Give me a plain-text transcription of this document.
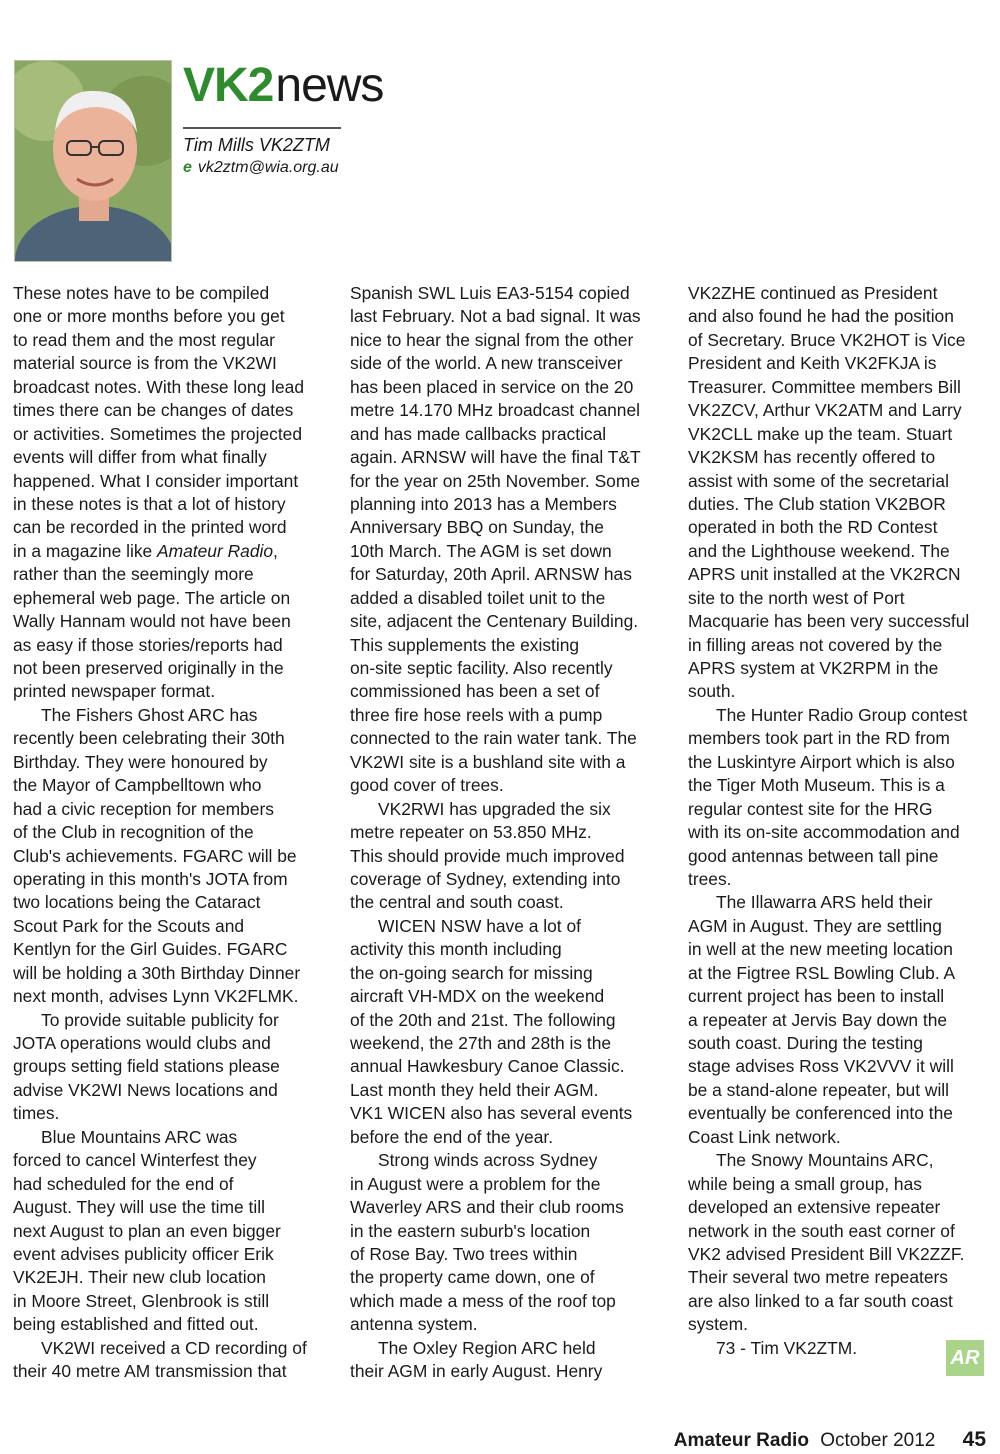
VK2news
Tim Mills VK2ZTM
e vk2ztm@wia.org.au
These notes have to be compiled
one or more months before you get
to read them and the most regular
material source is from the VK2WI
broadcast notes. With these long lead
times there can be changes of dates
or activities. Sometimes the projected
events will differ from what finally
happened. What I consider important
in these notes is that a lot of history
can be recorded in the printed word
in a magazine like Amateur Radio,
rather than the seemingly more
ephemeral web page. The article on
Wally Hannam would not have been
as easy if those stories/reports had
not been preserved originally in the
printed newspaper format.
The Fishers Ghost ARC has
recently been celebrating their 30th
Birthday. They were honoured by
the Mayor of Campbelltown who
had a civic reception for members
of the Club in recognition of the
Club's achievements. FGARC will be
operating in this month's JOTA from
two locations being the Cataract
Scout Park for the Scouts and
Kentlyn for the Girl Guides. FGARC
will be holding a 30th Birthday Dinner
next month, advises Lynn VK2FLMK.
To provide suitable publicity for
JOTA operations would clubs and
groups setting field stations please
advise VK2WI News locations and
times.
Blue Mountains ARC was
forced to cancel Winterfest they
had scheduled for the end of
August. They will use the time till
next August to plan an even bigger
event advises publicity officer Erik
VK2EJH. Their new club location
in Moore Street, Glenbrook is still
being established and fitted out.
VK2WI received a CD recording of
their 40 metre AM transmission that
Spanish SWL Luis EA3-5154 copied
last February. Not a bad signal. It was
nice to hear the signal from the other
side of the world. A new transceiver
has been placed in service on the 20
metre 14.170 MHz broadcast channel
and has made callbacks practical
again. ARNSW will have the final T&T
for the year on 25th November. Some
planning into 2013 has a Members
Anniversary BBQ on Sunday, the
10th March. The AGM is set down
for Saturday, 20th April. ARNSW has
added a disabled toilet unit to the
site, adjacent the Centenary Building.
This supplements the existing
on-site septic facility. Also recently
commissioned has been a set of
three fire hose reels with a pump
connected to the rain water tank. The
VK2WI site is a bushland site with a
good cover of trees.
VK2RWI has upgraded the six
metre repeater on 53.850 MHz.
This should provide much improved
coverage of Sydney, extending into
the central and south coast.
WICEN NSW have a lot of
activity this month including
the on-going search for missing
aircraft VH-MDX on the weekend
of the 20th and 21st. The following
weekend, the 27th and 28th is the
annual Hawkesbury Canoe Classic.
Last month they held their AGM.
VK1 WICEN also has several events
before the end of the year.
Strong winds across Sydney
in August were a problem for the
Waverley ARS and their club rooms
in the eastern suburb's location
of Rose Bay. Two trees within
the property came down, one of
which made a mess of the roof top
antenna system.
The Oxley Region ARC held
their AGM in early August. Henry
VK2ZHE continued as President
and also found he had the position
of Secretary. Bruce VK2HOT is Vice
President and Keith VK2FKJA is
Treasurer. Committee members Bill
VK2ZCV, Arthur VK2ATM and Larry
VK2CLL make up the team. Stuart
VK2KSM has recently offered to
assist with some of the secretarial
duties. The Club station VK2BOR
operated in both the RD Contest
and the Lighthouse weekend. The
APRS unit installed at the VK2RCN
site to the north west of Port
Macquarie has been very successful
in filling areas not covered by the
APRS system at VK2RPM in the
south.
The Hunter Radio Group contest
members took part in the RD from
the Luskintyre Airport which is also
the Tiger Moth Museum. This is a
regular contest site for the HRG
with its on-site accommodation and
good antennas between tall pine
trees.
The Illawarra ARS held their
AGM in August. They are settling
in well at the new meeting location
at the Figtree RSL Bowling Club. A
current project has been to install
a repeater at Jervis Bay down the
south coast. During the testing
stage advises Ross VK2VVV it will
be a stand-alone repeater, but will
eventually be conferenced into the
Coast Link network.
The Snowy Mountains ARC,
while being a small group, has
developed an extensive repeater
network in the south east corner of
VK2 advised President Bill VK2ZZF.
Their several two metre repeaters
are also linked to a far south coast
system.
73 - Tim VK2ZTM.	AR
Amateur Radio October 2012 45
